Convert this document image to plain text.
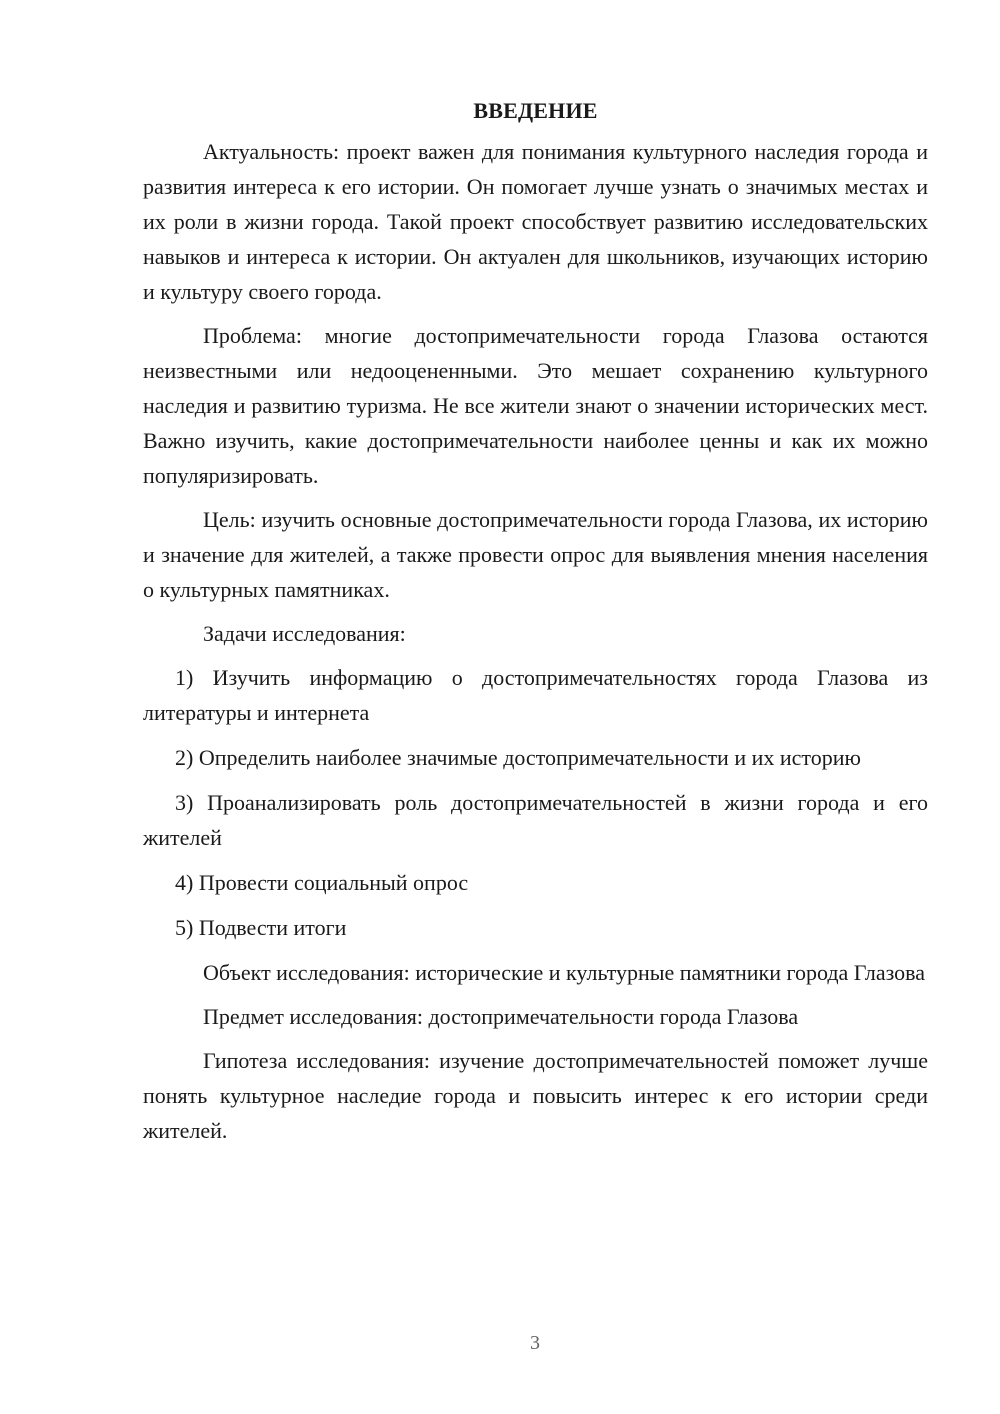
ВВЕДЕНИЕ

Актуальность: проект важен для понимания культурного наследия города и развития интереса к его истории. Он помогает лучше узнать о значимых местах и их роли в жизни города. Такой проект способствует развитию исследовательских навыков и интереса к истории. Он актуален для школьников, изучающих историю и культуру своего города.

Проблема: многие достопримечательности города Глазова остаются неизвестными или недооцененными. Это мешает сохранению культурного наследия и развитию туризма. Не все жители знают о значении исторических мест. Важно изучить, какие достопримечательности наиболее ценны и как их можно популяризировать.

Цель: изучить основные достопримечательности города Глазова, их историю и значение для жителей, а также провести опрос для выявления мнения населения о культурных памятниках.

Задачи исследования:

1) Изучить информацию о достопримечательностях города Глазова из литературы и интернета

2) Определить наиболее значимые достопримечательности и их историю

3) Проанализировать роль достопримечательностей в жизни города и его жителей

4) Провести социальный опрос

5) Подвести итоги

Объект исследования: исторические и культурные памятники города Глазова

Предмет исследования: достопримечательности города Глазова

Гипотеза исследования: изучение достопримечательностей поможет лучше понять культурное наследие города и повысить интерес к его истории среди жителей.

3
